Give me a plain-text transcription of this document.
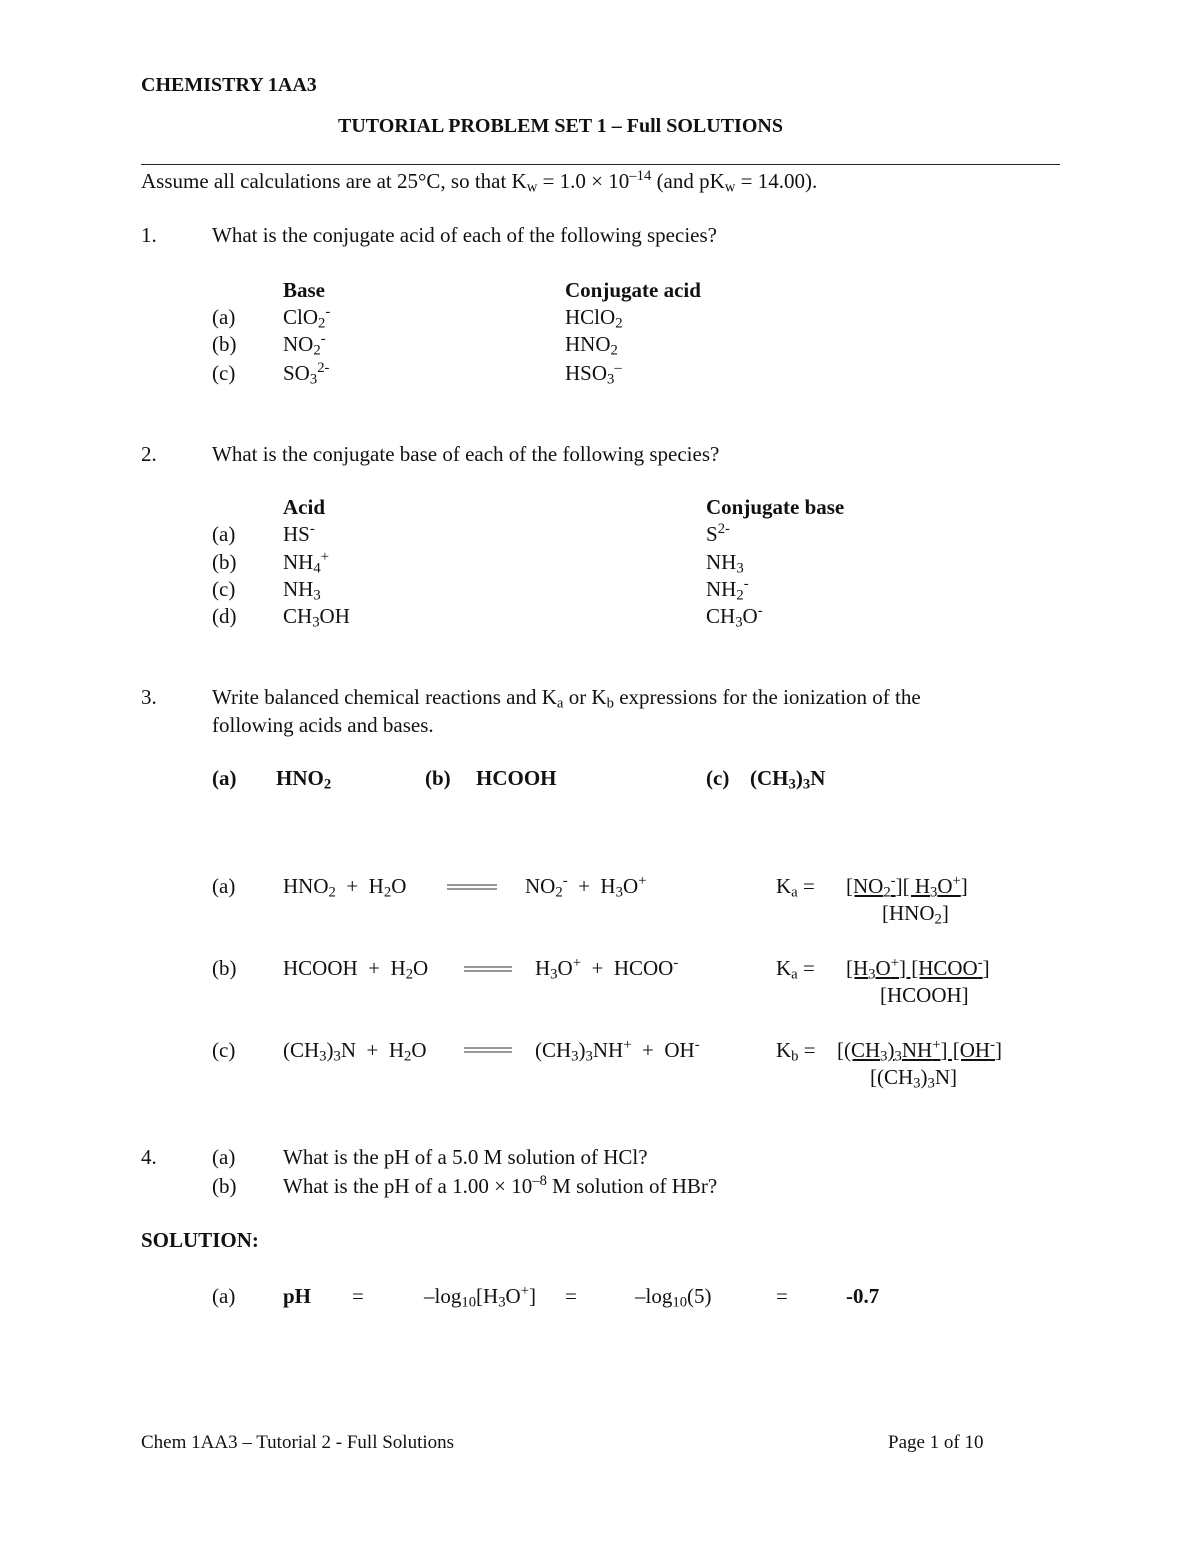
CHEMISTRY 1AA3
TUTORIAL PROBLEM SET 1 – Full SOLUTIONS
Assume all calculations are at 25°C, so that $K_w = 1.0 \times 10^{-14}$ (and $pK_w = 14.00$).
1.	What is the conjugate acid of each of the following species?
Base	Conjugate acid
(a) ClO$_2$-	HClO$_2$
(b) $NO_2^-$	$HNO_2$
(c) $SO_3^{2-}$	$HSO_3^-$
2.	What is the conjugate base of each of the following species?
Acid	Conjugate base
(a) HS-	$S^{2-}$
(b) $NH_4^+$	$NH_3$
(c) $NH_3$	$NH_2^-$
(d) $CH_3OH$	$CH_3O^-$
3.	Write balanced chemical reactions and $K_a$ or $K_b$ expressions for the ionization of the
following acids and bases.
(a) $HNO_2$	(b) HCOOH	(c) $(CH_3)_3N$
(a) $HNO_2 + H_2O$	$NO_2^- + H_3O^+$	$K_a = [NO_2^-]$[ $H_3O^+$]
$[HNO_2]$
(b) HCOOH  +  $H_2O$	$H_3O^+$  +  HCOO-	$K_a = [H_3O^+]$ [HCOO-]
[HCOOH]
(c) $(CH_3)_3N + H_2O$	$(CH_3)_3NH^+ + OH^-$	$K_b = [(CH_3)_3NH^+]$ [OH-]
$[(CH_3)_3N]$
4.	(a) What is the pH of a 5.0 M solution of HCl?
(b) What is the pH of a $1.00 \times 10^{-8}$ M solution of HBr?
SOLUTION:
(a) pH =	$-\log_{10}[H_3O^+]$ =	$-\log_{10}(5)$	=	-0.7
Chem 1AA3 – Tutorial 2 - Full Solutions	Page 1 of 10
